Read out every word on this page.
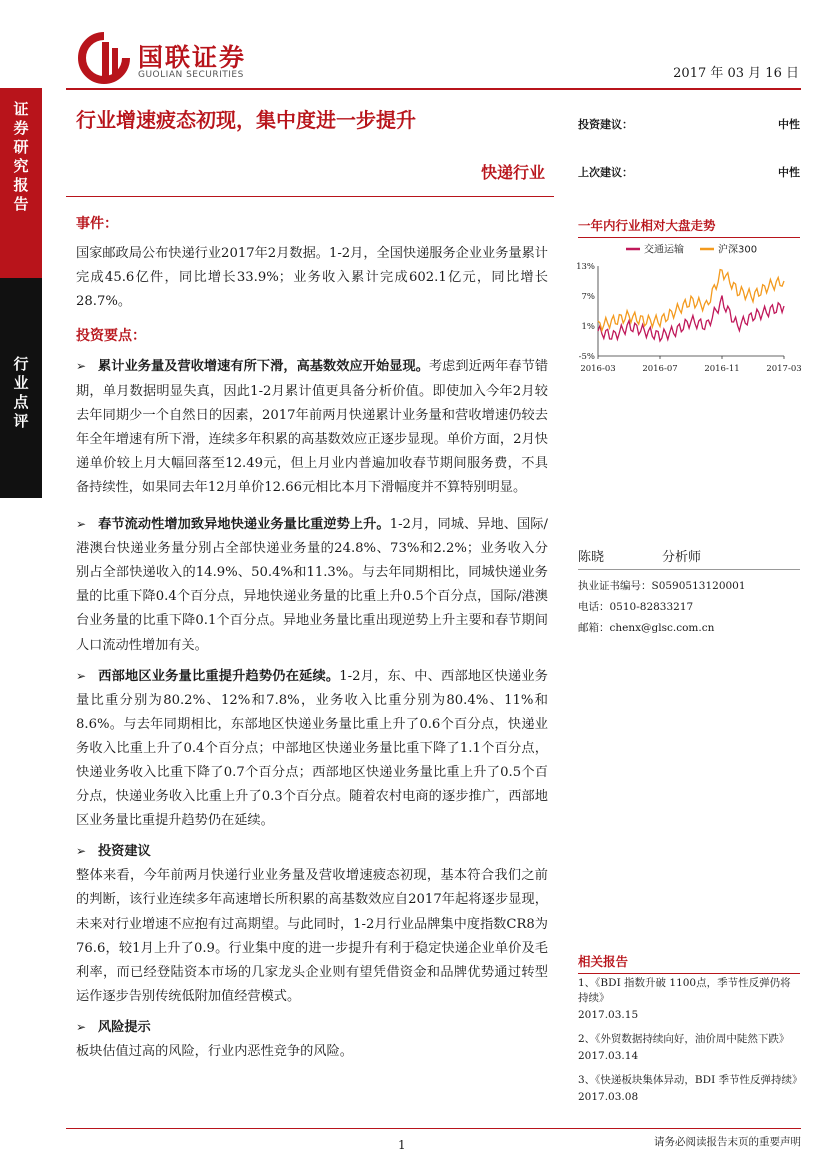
国联证券
GUOLIAN SECURITIES	2017 年 03 月 16 日
证
券
研
究
报
告
行
业
点
评
行业增速疲态初现，集中度进一步提升
快递行业
事件：
国家邮政局公布快递行业2017年2月数据。1-2月，全国快递服务企业业务量累计完成45.6亿件，同比增长33.9%；业务收入累计完成602.1亿元，同比增长28.7%。
投资要点：
➢ 累计业务量及营收增速有所下滑，高基数效应开始显现。考虑到近两年春节错期，单月数据明显失真，因此1-2月累计值更具备分析价值。即使加入今年2月较去年同期少一个自然日的因素，2017年前两月快递累计业务量和营收增速仍较去年全年增速有所下滑，连续多年积累的高基数效应正逐步显现。单价方面，2月快递单价较上月大幅回落至12.49元，但上月业内普遍加收春节期间服务费，不具备持续性，如果同去年12月单价12.66元相比本月下滑幅度并不算特别明显。
➢ 春节流动性增加致异地快递业务量比重逆势上升。1-2月，同城、异地、国际/港澳台快递业务量分别占全部快递业务量的24.8%、73%和2.2%；业务收入分别占全部快递收入的14.9%、50.4%和11.3%。与去年同期相比，同城快递业务量的比重下降0.4个百分点，异地快递业务量的比重上升0.5个百分点，国际/港澳台业务量的比重下降0.1个百分点。异地业务量比重出现逆势上升主要和春节期间人口流动性增加有关。
➢ 西部地区业务量比重提升趋势仍在延续。1-2月，东、中、西部地区快递业务量比重分别为80.2%、12%和7.8%，业务收入比重分别为80.4%、11%和8.6%。与去年同期相比，东部地区快递业务量比重上升了0.6个百分点，快递业务收入比重上升了0.4个百分点；中部地区快递业务量比重下降了1.1个百分点，快递业务收入比重下降了0.7个百分点；西部地区快递业务量比重上升了0.5个百分点，快递业务收入比重上升了0.3个百分点。随着农村电商的逐步推广，西部地区业务量比重提升趋势仍在延续。
➢ 投资建议
整体来看，今年前两月快递行业业务量及营收增速疲态初现，基本符合我们之前的判断，该行业连续多年高速增长所积累的高基数效应自2017年起将逐步显现，未来对行业增速不应抱有过高期望。与此同时，1-2月行业品牌集中度指数CR8为76.6，较1月上升了0.9。行业集中度的进一步提升有利于稳定快递企业单价及毛利率，而已经登陆资本市场的几家龙头企业则有望凭借资金和品牌优势通过转型运作逐步告别传统低附加值经营模式。
➢ 风险提示
板块估值过高的风险，行业内恶性竞争的风险。
投资建议：	中性
上次建议：	中性
一年内行业相对大盘走势
13%
7%
1%
-5%
2016-03	2016-07	2016-11	2017-03
交通运输	沪深300
陈晓	分析师
执业证书编号：S0590513120001
电话：0510-82833217
邮箱：chenx@glsc.com.cn
相关报告
1、《BDI 指数升破 1100点，季节性反弹仍将持续》
2017.03.15
2、《外贸数据持续向好，油价周中陡然下跌》
2017.03.14
3、《快递板块集体异动，BDI 季节性反弹持续》
2017.03.08
1	请务必阅读报告末页的重要声明
